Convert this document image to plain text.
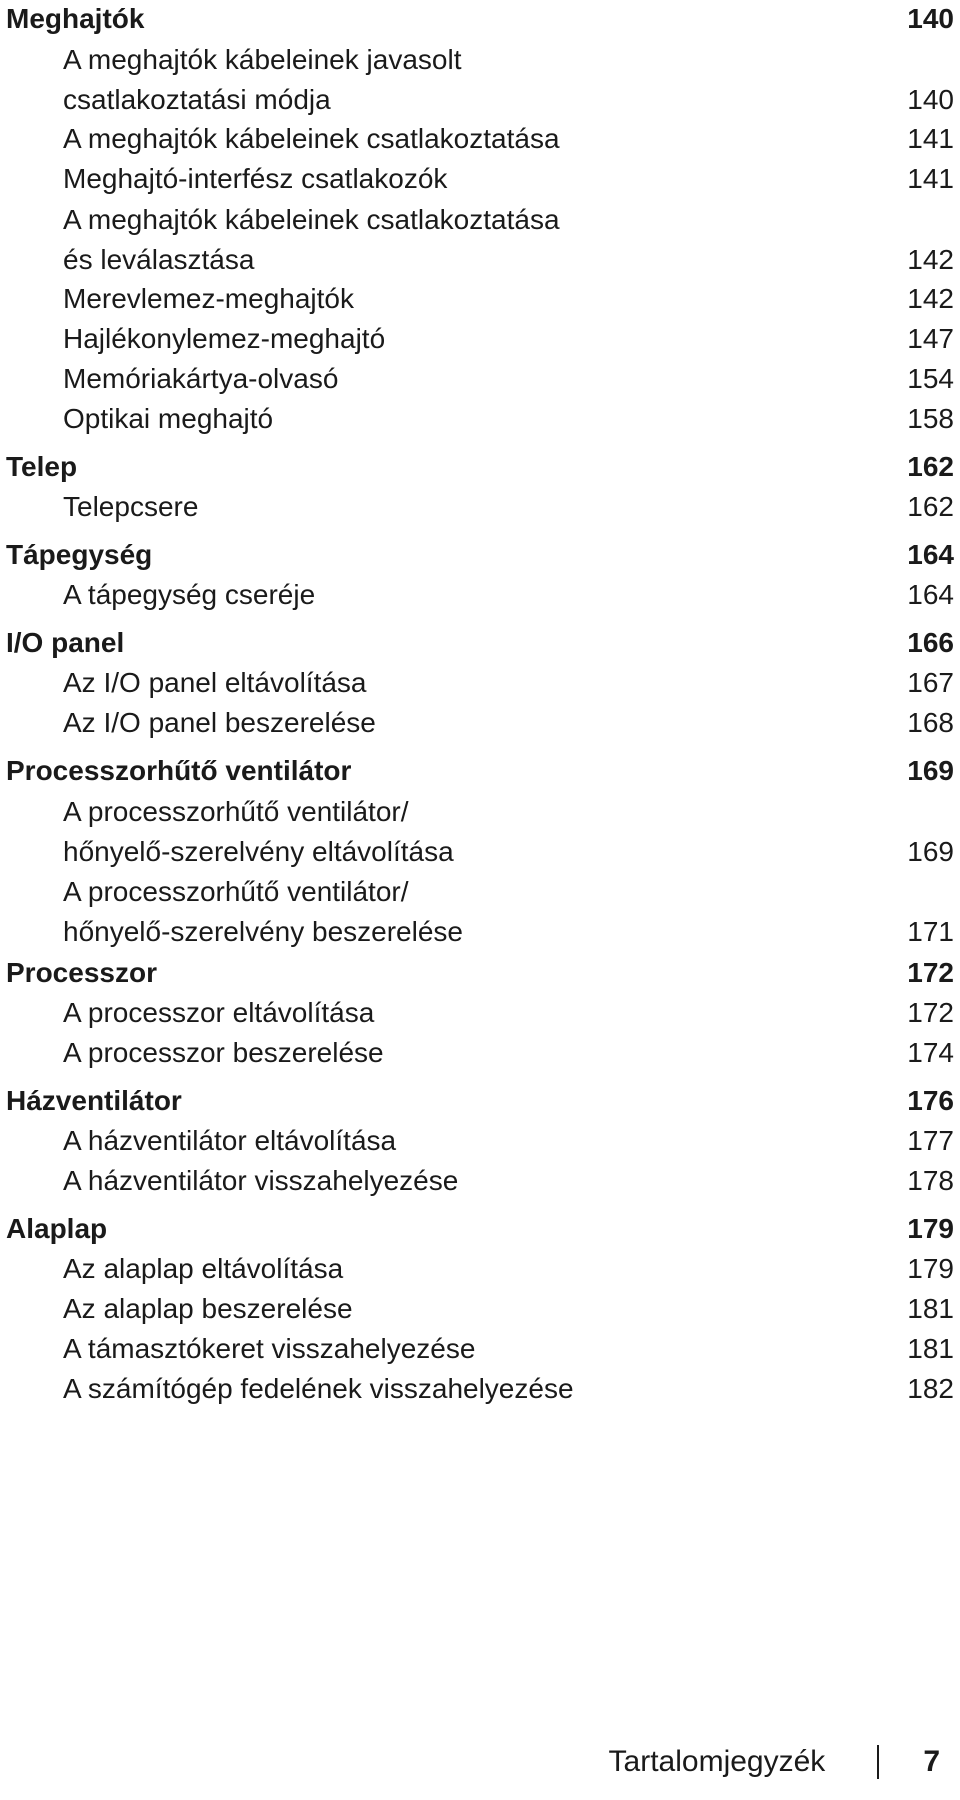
Meghajtók . . .	140
A meghajtók kábeleinek javasolt
csatlakoztatási módja . . .	140
A meghajtók kábeleinek csatlakoztatása . . .	141
Meghajtó-interfész csatlakozók . . .	141
A meghajtók kábeleinek csatlakoztatása
és leválasztása . . .	142
Merevlemez-meghajtók . . .	142
Hajlékonylemez-meghajtó . . .	147
Memóriakártya-olvasó . . .	154
Optikai meghajtó . . .	158
Telep . . .	162
Telepcsere . . .	162
Tápegység . . .	164
A tápegység cseréje . . .	164
I/O panel . . .	166
Az I/O panel eltávolítása . . .	167
Az I/O panel beszerelése . . .	168
Processzorhűtő ventilátor . . .	169
A processzorhűtő ventilátor/
hőnyelő-szerelvény eltávolítása . . .	169
A processzorhűtő ventilátor/
hőnyelő-szerelvény beszerelése . . .	171
Processzor . . .	172
A processzor eltávolítása . . .	172
A processzor beszerelése . . .	174
Házventilátor . . .	176
A házventilátor eltávolítása . . .	177
A házventilátor visszahelyezése . . .	178
Alaplap . . .	179
Az alaplap eltávolítása . . .	179
Az alaplap beszerelése . . .	181
A támasztókeret visszahelyezése . . .	181
A számítógép fedelének visszahelyezése . . .	182
Tartalomjegyzék	7
